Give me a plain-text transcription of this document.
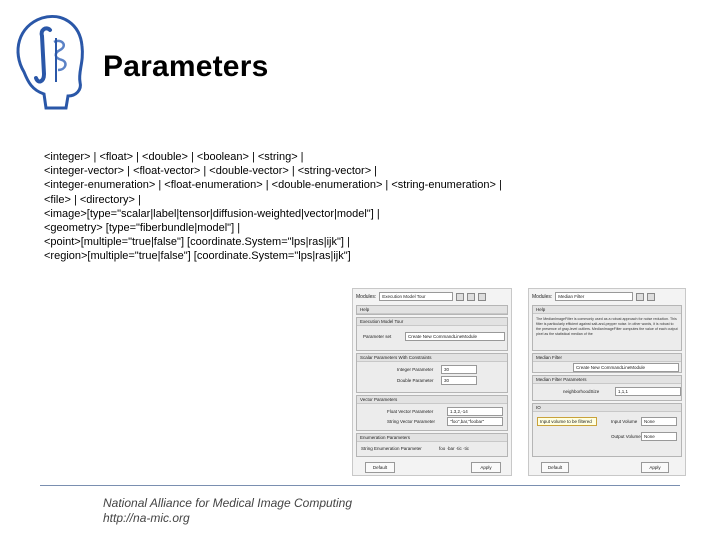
Parameters
<integer> | <float> | <double> | <boolean> | <string> |
<integer-vector> | <float-vector> | <double-vector> | <string-vector> |
<integer-enumeration> | <float-enumeration> | <double-enumeration> | <string-enumeration> |
<file> | <directory> |
<image>[type="scalar|label|tensor|diffusion-weighted|vector|model"] |
<geometry> [type="fiberbundle|model"] |
<point>[multiple="true|false"] [coordinate.System="lps|ras|ijk"] |
<region>[multiple="true|false"] [coordinate.System="lps|ras|ijk"]
Modules:	Execution Model Tour
Help
Execution Model Tour
Parameter set	Create New CommandLineModule
Scalar Parameters With Constraints
Integer Parameter	30
Double Parameter	30
Vector Parameters
Float Vector Parameter	1.3,2,-14
String Vector Parameter	"foo",bar,"foobar"
Enumeration Parameters
String Enumeration Parameter	foo ·bar ·tic ·tic
Default	Apply
Modules:	Median Filter
Help
The MedianImageFilter is commonly used as a robust approach for noise reduction. This filter is particularly efficient against salt-and-pepper noise. In other words, it is robust to the presence of gray-level outliers. MedianImageFilter computes the value of each output pixel as the statistical median of the
Median Filter
Create New CommandLineModule
Median Filter Parameters
neighborhoodSize	1,1,1
IO
Input volume to be filtered	Input Volume	None
Output Volume None
Default	Apply
National Alliance for Medical Image Computing
http://na-mic.org
